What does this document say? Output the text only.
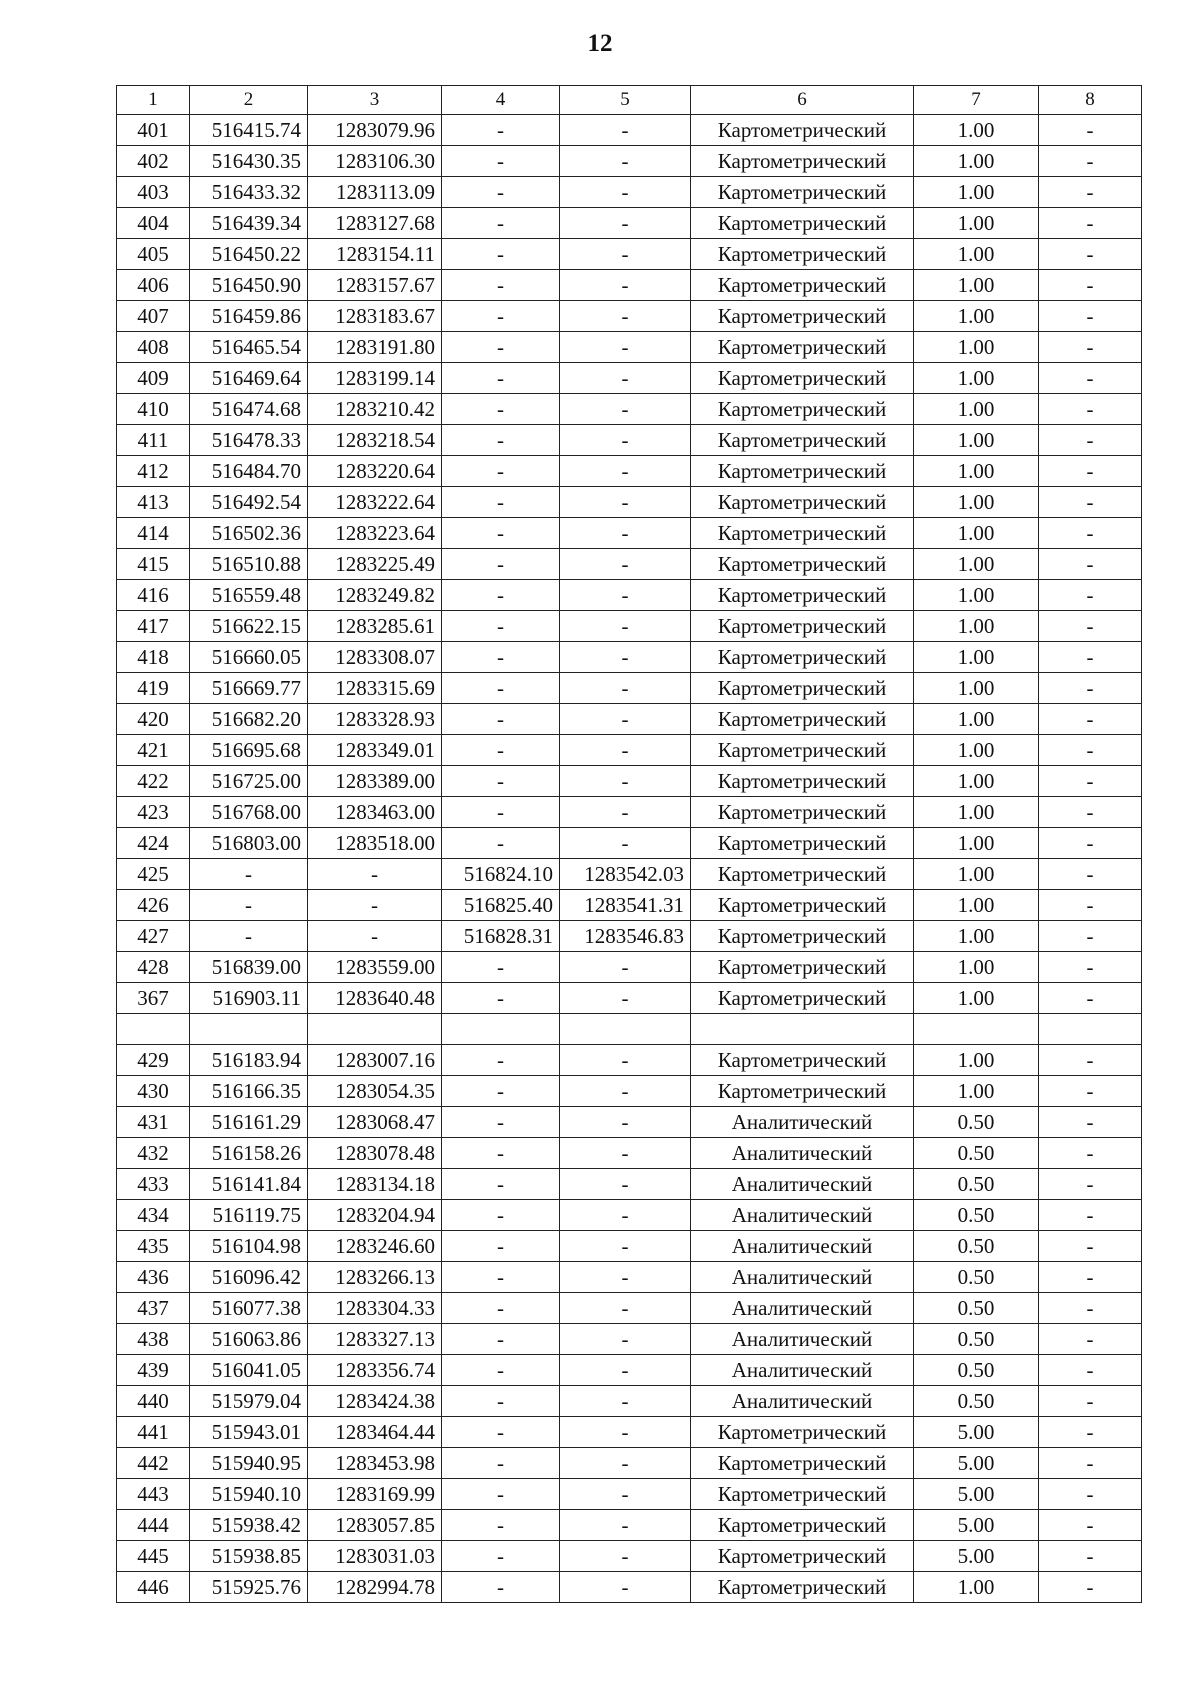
12
1	2	3	4	5	6	7	8
401	516415.74	1283079.96	-	-	Картометрический	1.00	-
402	516430.35	1283106.30	-	-	Картометрический	1.00	-
403	516433.32	1283113.09	-	-	Картометрический	1.00	-
404	516439.34	1283127.68	-	-	Картометрический	1.00	-
405	516450.22	1283154.11	-	-	Картометрический	1.00	-
406	516450.90	1283157.67	-	-	Картометрический	1.00	-
407	516459.86	1283183.67	-	-	Картометрический	1.00	-
408	516465.54	1283191.80	-	-	Картометрический	1.00	-
409	516469.64	1283199.14	-	-	Картометрический	1.00	-
410	516474.68	1283210.42	-	-	Картометрический	1.00	-
411	516478.33	1283218.54	-	-	Картометрический	1.00	-
412	516484.70	1283220.64	-	-	Картометрический	1.00	-
413	516492.54	1283222.64	-	-	Картометрический	1.00	-
414	516502.36	1283223.64	-	-	Картометрический	1.00	-
415	516510.88	1283225.49	-	-	Картометрический	1.00	-
416	516559.48	1283249.82	-	-	Картометрический	1.00	-
417	516622.15	1283285.61	-	-	Картометрический	1.00	-
418	516660.05	1283308.07	-	-	Картометрический	1.00	-
419	516669.77	1283315.69	-	-	Картометрический	1.00	-
420	516682.20	1283328.93	-	-	Картометрический	1.00	-
421	516695.68	1283349.01	-	-	Картометрический	1.00	-
422	516725.00	1283389.00	-	-	Картометрический	1.00	-
423	516768.00	1283463.00	-	-	Картометрический	1.00	-
424	516803.00	1283518.00	-	-	Картометрический	1.00	-
425	-	-	516824.10	1283542.03	Картометрический	1.00	-
426	-	-	516825.40	1283541.31	Картометрический	1.00	-
427	-	-	516828.31	1283546.83	Картометрический	1.00	-
428	516839.00	1283559.00	-	-	Картометрический	1.00	-
367	516903.11	1283640.48	-	-	Картометрический	1.00	-

429	516183.94	1283007.16	-	-	Картометрический	1.00	-
430	516166.35	1283054.35	-	-	Картометрический	1.00	-
431	516161.29	1283068.47	-	-	Аналитический	0.50	-
432	516158.26	1283078.48	-	-	Аналитический	0.50	-
433	516141.84	1283134.18	-	-	Аналитический	0.50	-
434	516119.75	1283204.94	-	-	Аналитический	0.50	-
435	516104.98	1283246.60	-	-	Аналитический	0.50	-
436	516096.42	1283266.13	-	-	Аналитический	0.50	-
437	516077.38	1283304.33	-	-	Аналитический	0.50	-
438	516063.86	1283327.13	-	-	Аналитический	0.50	-
439	516041.05	1283356.74	-	-	Аналитический	0.50	-
440	515979.04	1283424.38	-	-	Аналитический	0.50	-
441	515943.01	1283464.44	-	-	Картометрический	5.00	-
442	515940.95	1283453.98	-	-	Картометрический	5.00	-
443	515940.10	1283169.99	-	-	Картометрический	5.00	-
444	515938.42	1283057.85	-	-	Картометрический	5.00	-
445	515938.85	1283031.03	-	-	Картометрический	5.00	-
446	515925.76	1282994.78	-	-	Картометрический	1.00	-
